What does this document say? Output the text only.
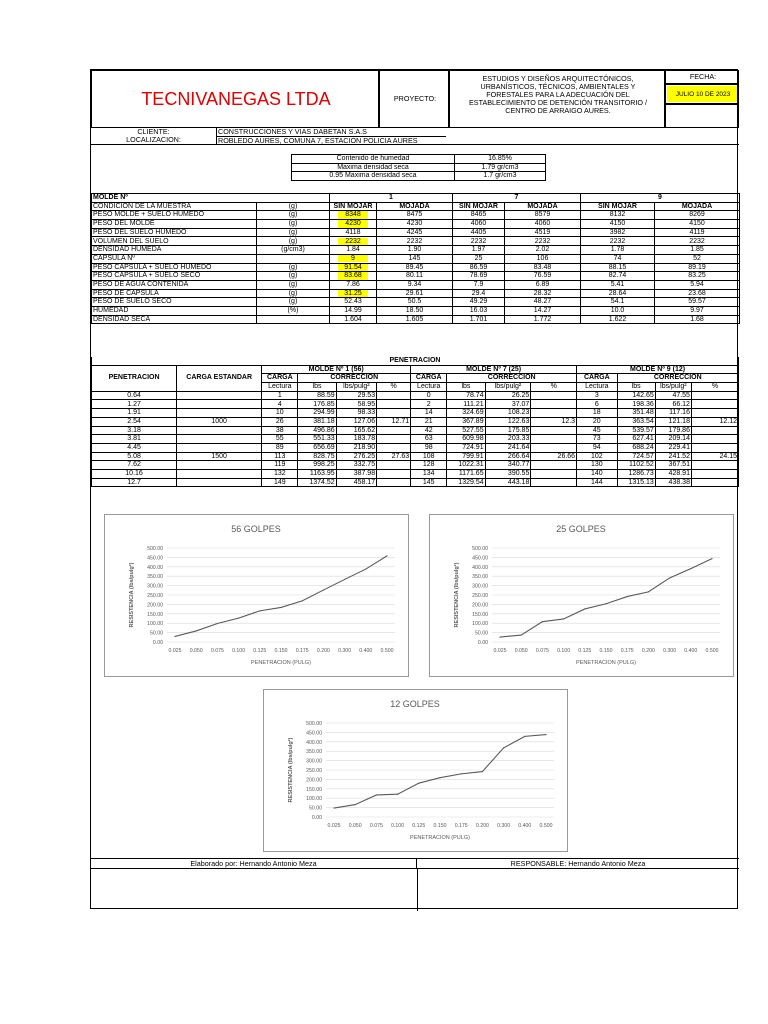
TECNIVANEGAS LTDA	PROYECTO:
ESTUDIOS Y DISEÑOS ARQUITECTÓNICOS, URBANÍSTICOS, TÉCNICOS, AMBIENTALES Y FORESTALES PARA LA ADECUACIÓN DEL ESTABLECIMIENTO DE DETENCIÓN TRANSITORIO / CENTRO DE ARRAIGO AURES.
FECHA:
JULIO 10 DE 2023
CLIENTE:	CONSTRUCCIONES Y VIAS DABETAN S.A.S
LOCALIZACION:	ROBLEDO AURES, COMUNA 7, ESTACION POLICIA AURES
Contenido de humedad	16.85%
Maxima densidad seca	1.79 gr/cm3
0.95 Maxima densidad seca	1.7 gr/cm3
MOLDE Nº		1		7		9	
CONDICION DE LA MUESTRA	(g)	SIN MOJAR	MOJADA	SIN MOJAR	MOJADA	SIN MOJAR	MOJADA
PESO MOLDE + SUELO HUMEDO	(g)	8348	8475	8465	8579	8132	8269
PESO DEL MOLDE	(g)	4230	4230	4060	4060	4150	4150
PESO DEL SUELO HUMEDO	(g)	4118	4245	4405	4519	3982	4119
VOLUMEN DEL SUELO	(g)	2232	2232	2232	2232	2232	2232
DENSIDAD HUMEDA	(g/cm3)	1.84	1.90	1.97	2.02	1.78	1.85
CAPSULA Nº		9	145	25	106	74	52
PESO CAPSULA + SUELO HUMEDO	(g)	91.54	89.45	86.59	83.48	88.15	89.19
PESO CAPSULA + SUELO SECO	(g)	83.68	80.11	78.69	76.59	82.74	83.25
PESO DE AGUA CONTENIDA	(g)	7.86	9.34	7.9	6.89	5.41	5.94
PESO DE CAPSULA	(g)	31.25	29.61	29.4	28.32	28.64	23.68
PESO DE SUELO SECO	(g)	52.43	50.5	49.29	48.27	54.1	59.57
HUMEDAD	(%)	14.99	18.50	16.03	14.27	10.0	9.97
DENSIDAD SECA		1.604	1.605	1.701	1.772	1.622	1.68
PENETRACION													
PENETRACION	CARGA ESTANDAR	MOLDE Nº 1 (56)				MOLDE Nº 7 (25)				MOLDE Nº 9 (12)			
		CARGA	CORRECCION			CARGA	CORRECCION			CARGA	CORRECCION		
		Lectura	lbs	lbs/pulg²	%	Lectura	lbs	lbs/pulg²	%	Lectura	lbs	lbs/pulg²	%
0.64		1	88.59	29.53		0	78.74	26.25		3	142.65	47.55	
1.27		4	176.85	58.95		2	111.21	37.07		6	198.36	66.12	
1.91		10	294.99	98.33		14	324.69	108.23		18	351.48	117.16	
2.54	1000	26	381.18	127.06	12.71	21	367.89	122.63	12.3	20	363.54	121.18	12.12
3.18		38	496.86	165.62		42	527.55	175.85		45	539.57	179.86	
3.81		55	551.33	183.78		63	609.98	203.33		73	627.41	209.14	
4.45		89	656.69	218.90		98	724.91	241.64		94	688.24	229.41	
5.08	1500	113	828.75	276.25	27.63	108	799.91	266.64	26.66	102	724.57	241.52	24.15
7.62		119	998.25	332.75		128	1022.31	340.77		130	1102.52	367.51	
10.16		132	1163.95	387.98		134	1171.65	390.55		140	1286.73	428.91	
12.7		149	1374.52	458.17		145	1329.54	443.18		144	1315.13	438.38	
56 GOLPES
0.00
50.00
100.00
150.00
200.00
250.00
300.00
350.00
400.00
450.00
500.00
0.025 0.050 0.075 0.100 0.125 0.150 0.175 0.200 0.300 0.400 0.500
PENETRACION (PULG)
RESISTENCIA (lbs/pulg²)
25 GOLPES
0.00
50.00
100.00
150.00
200.00
250.00
300.00
350.00
400.00
450.00
500.00
0.025 0.050 0.075 0.100 0.125 0.150 0.175 0.200 0.300 0.400 0.500
PENETRACION (PULG)
RESISTENCIA (lbs/pulg²)
12 GOLPES
0.00
50.00
100.00
150.00
200.00
250.00
300.00
350.00
400.00
450.00
500.00
0.025 0.050 0.075 0.100 0.125 0.150 0.175 0.200 0.300 0.400 0.500
PENETRACION (PULG)
RESISTENCIA (lbs/pulg²)
Elaborado por: Hernando Antonio Meza	RESPONSABLE: Hernando Antonio Meza
